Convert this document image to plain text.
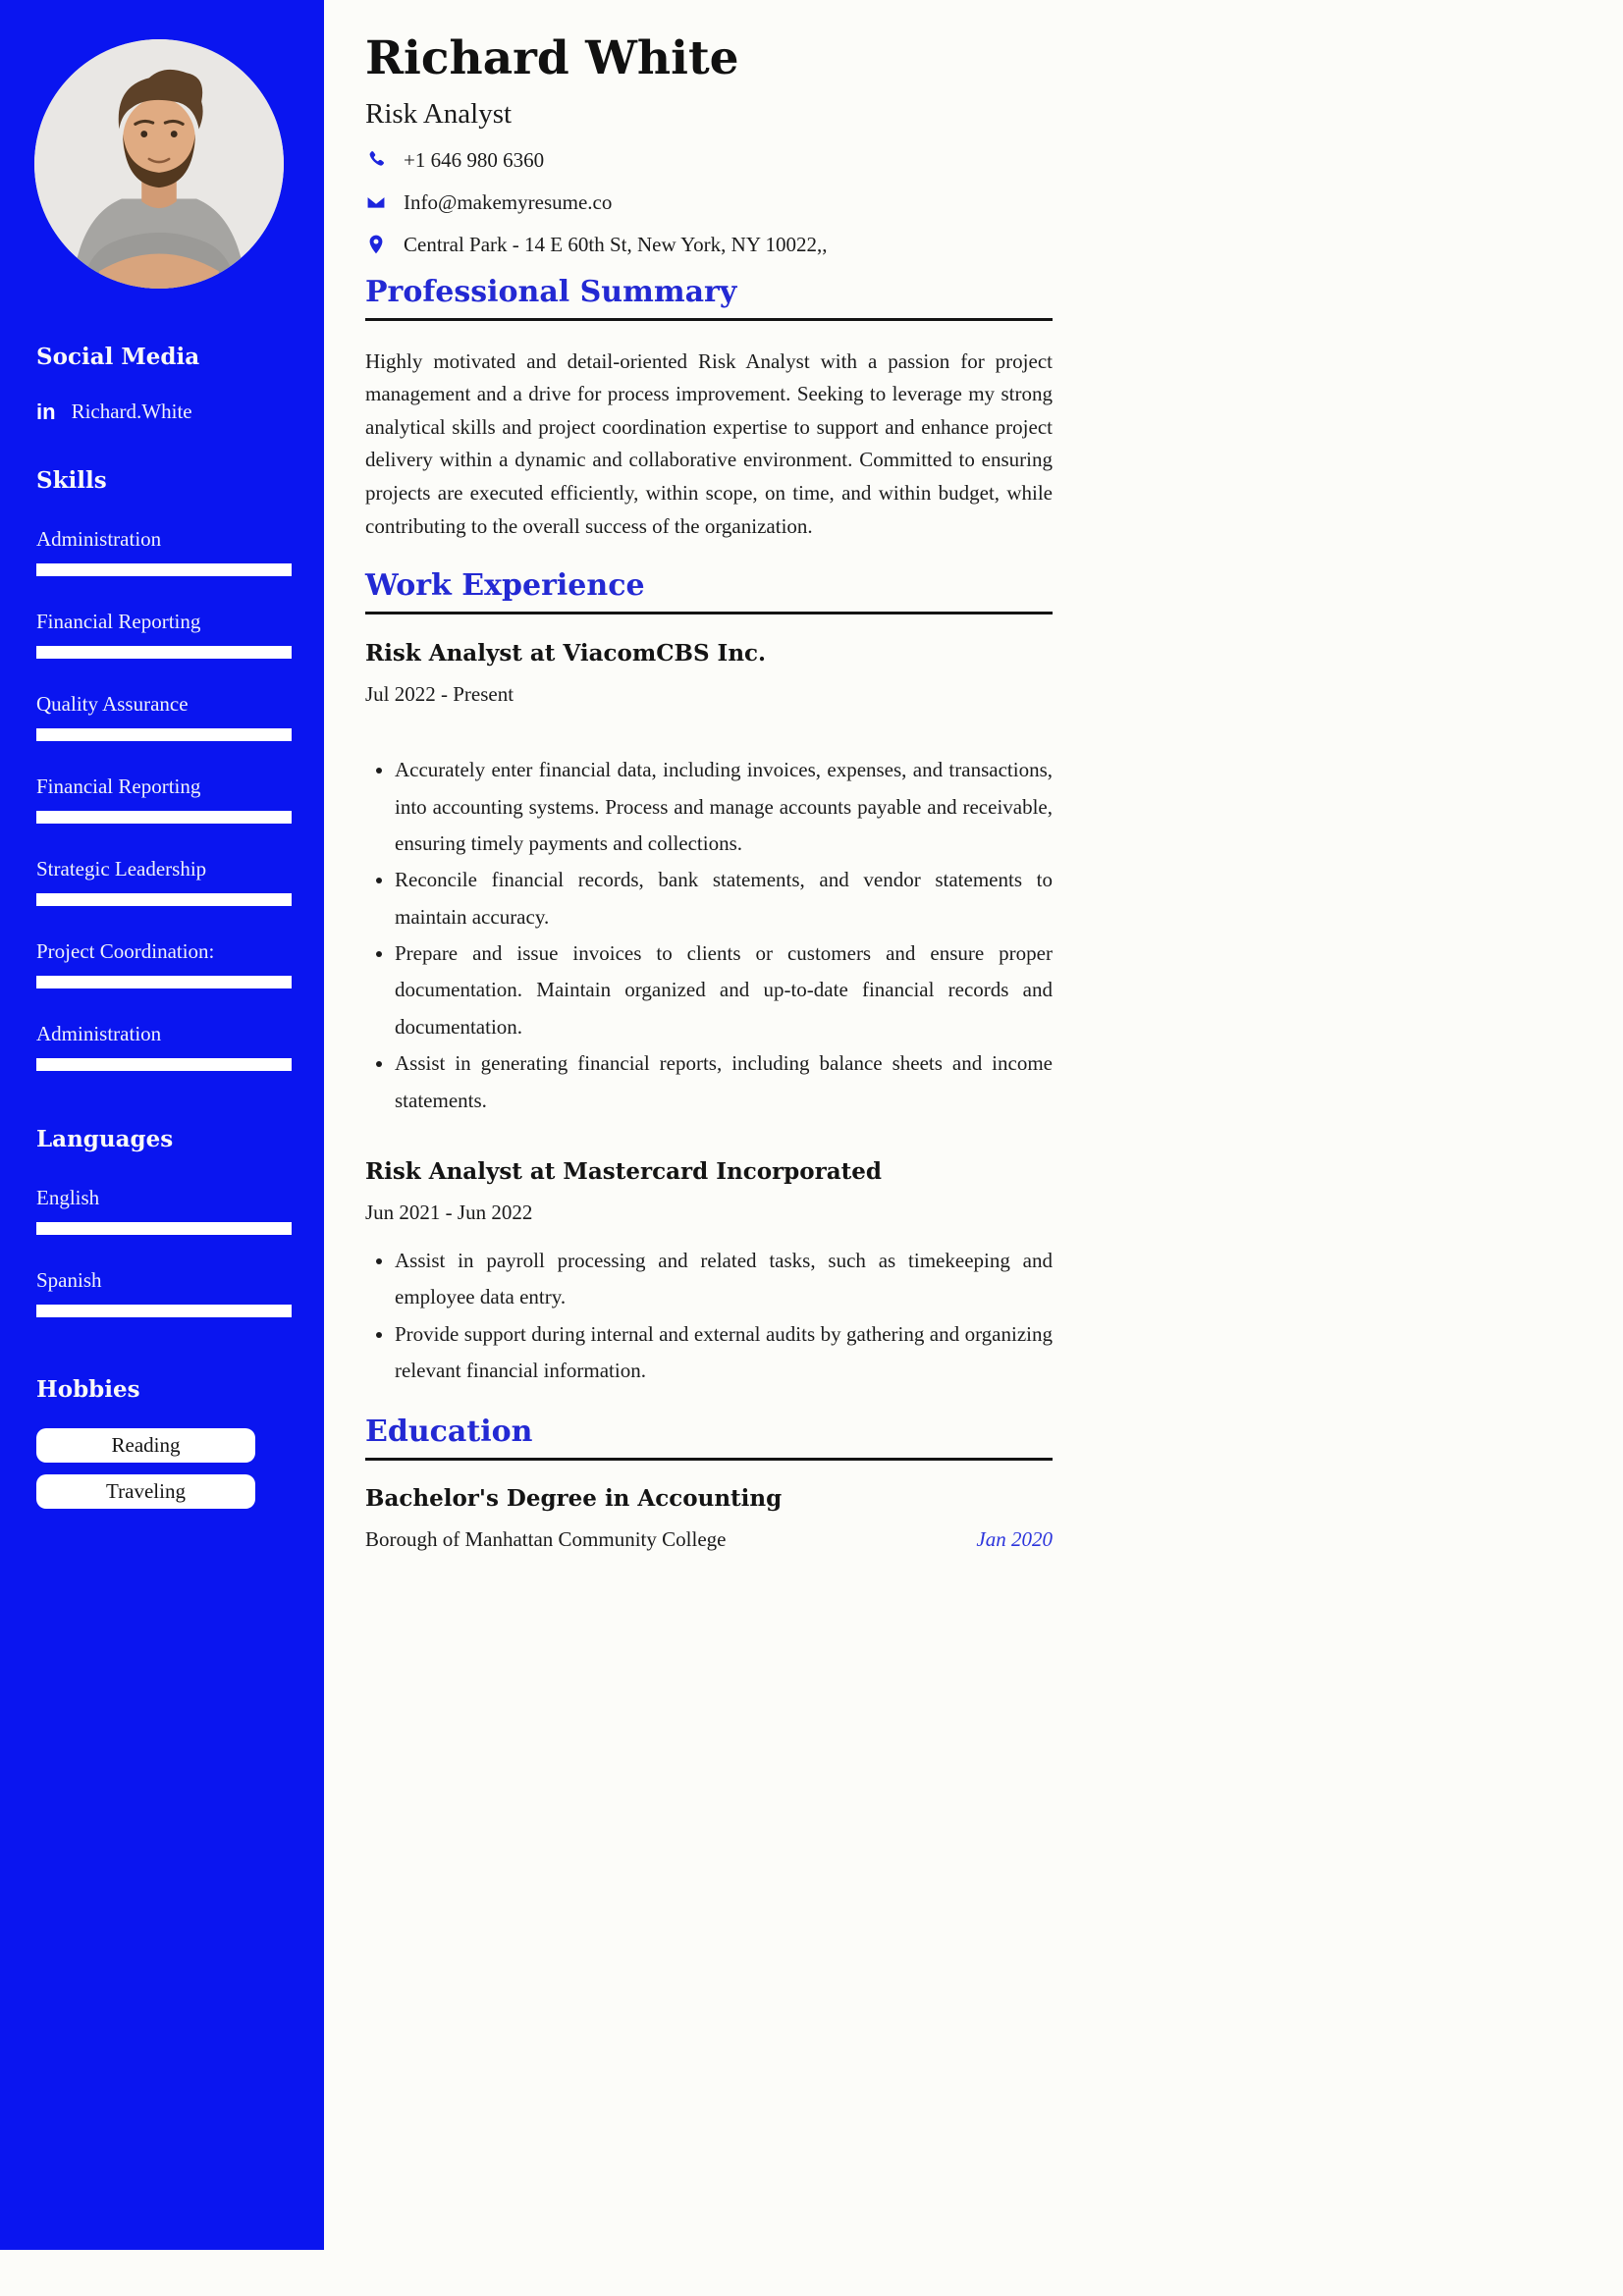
Social Media
in Richard.White
Skills
Administration
Financial Reporting
Quality Assurance
Financial Reporting
Strategic Leadership
Project Coordination:
Administration
Languages
English
Spanish
Hobbies
Reading
Traveling
Richard White
Risk Analyst
+1 646 980 6360
Info@makemyresume.co
Central Park - 14 E 60th St, New York, NY 10022,,
Professional Summary

Highly motivated and detail-oriented Risk Analyst with a passion for project management and a drive for process improvement. Seeking to leverage my strong analytical skills and project coordination expertise to support and enhance project delivery within a dynamic and collaborative environment. Committed to ensuring projects are executed efficiently, within scope, on time, and within budget, while contributing to the overall success of the organization.

Work Experience
Risk Analyst at ViacomCBS Inc.
Jul 2022 - Present
• Accurately enter financial data, including invoices, expenses, and transactions, into accounting systems. Process and manage accounts payable and receivable, ensuring timely payments and collections.
• Reconcile financial records, bank statements, and vendor statements to maintain accuracy.
• Prepare and issue invoices to clients or customers and ensure proper documentation. Maintain organized and up-to-date financial records and documentation.
• Assist in generating financial reports, including balance sheets and income statements.
Risk Analyst at Mastercard Incorporated
Jun 2021 - Jun 2022
• Assist in payroll processing and related tasks, such as timekeeping and employee data entry.
• Provide support during internal and external audits by gathering and organizing relevant financial information.
Education
Bachelor's Degree in Accounting
Borough of Manhattan Community College	Jan 2020
